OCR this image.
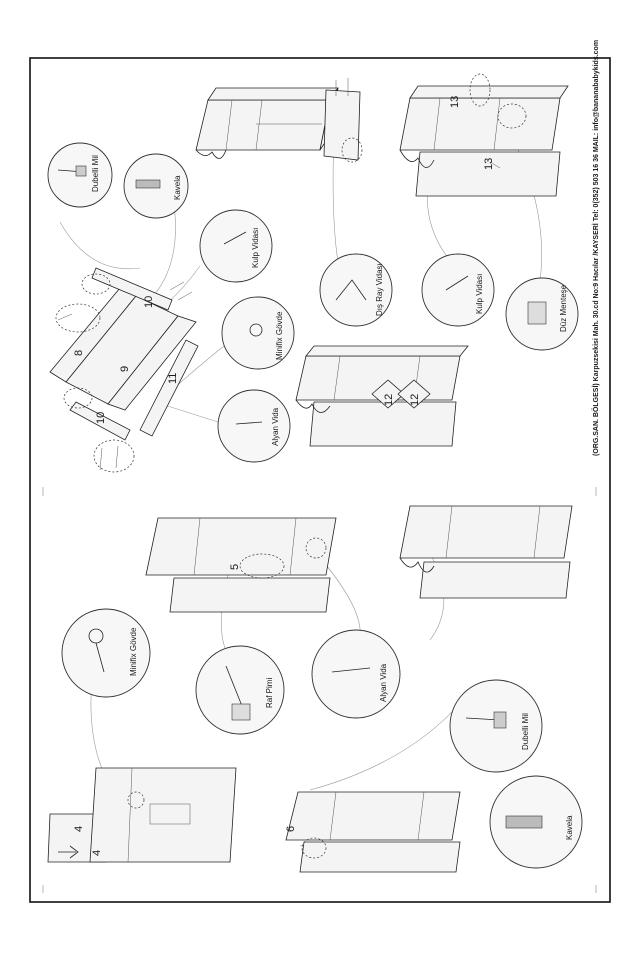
(ORG.SAN. BÖLGESİ) Karpuzsekisi Mah. 30.cd No:9 Hacılar /KAYSERİ Tel: 0(352) 503 16 36 MAIL: info@bananababykids.com
Dubelli Mil	Kavela
Kulp Vidası
Minifix Gövde
Alyan Vida
Dış Ray Vidası	Kulp Vidası	Düz Menteşe
Minifix Gövde
Raf Pimi	Alyan Vida
Dubelli Mil
Kavela
8
9
10
10
11
12 12
13
13
5
4
4
6
